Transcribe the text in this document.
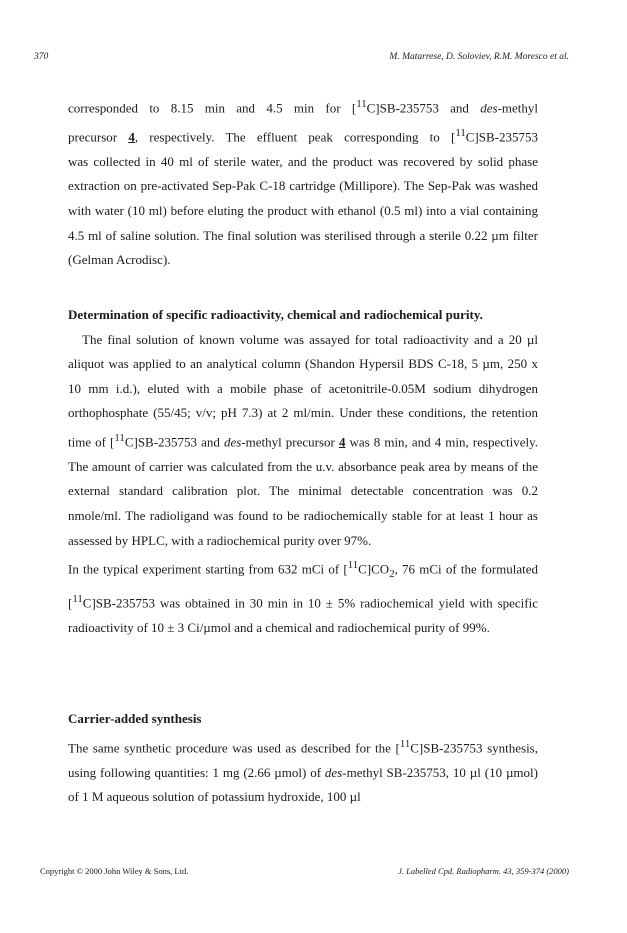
370	M. Matarrese, D. Soloviev, R.M. Moresco et al.

corresponded to 8.15 min and 4.5 min for [$^{11}$C]SB-235753 and des-methyl

precursor 4, respectively. The effluent peak corresponding to [$^{11}$C]SB-235753

was collected in 40 ml of sterile water, and the product was recovered by solid phase extraction on pre-activated Sep-Pak C-18 cartridge (Millipore). The Sep-Pak was washed with water (10 ml) before eluting the product with ethanol (0.5 ml) into a vial containing 4.5 ml of saline solution. The final solution was sterilised through a sterile 0.22 µm filter (Gelman Acrodisc).

Determination of specific radioactivity, chemical and radiochemical purity.

The final solution of known volume was assayed for total radioactivity and a 20 µl aliquot was applied to an analytical column (Shandon Hypersil BDS C-18, 5 µm, 250 x 10 mm i.d.), eluted with a mobile phase of acetonitrile-0.05M sodium dihydrogen orthophosphate (55/45; v/v; pH 7.3) at 2 ml/min. Under these conditions, the retention time of [$^{11}$C]SB-235753 and des-methyl precursor 4 was 8 min, and 4 min, respectively. The amount of carrier was calculated from the u.v. absorbance peak area by means of the external standard calibration plot. The minimal detectable concentration was 0.2 nmole/ml. The radioligand was found to be radiochemically stable for at least 1 hour as assessed by HPLC, with a radiochemical purity over 97%.

In the typical experiment starting from 632 mCi of $[^{11}C]CO_2$, 76 mCi of the formulated [$^{11}$C]SB-235753 was obtained in 30 min in 10 ± 5% radiochemical yield with specific radioactivity of 10 ± 3 Ci/µmol and a chemical and radiochemical purity of 99%.

Carrier-added synthesis

The same synthetic procedure was used as described for the [$^{11}$C]SB-235753 synthesis, using following quantities: 1 mg (2.66 µmol) of des-methyl SB-235753, 10 µl (10 µmol) of 1 M aqueous solution of potassium hydroxide, 100 µl

Copyright © 2000 John Wiley & Sons, Ltd.	J. Labelled Cpd. Radiopharm. 43, 359-374 (2000)
